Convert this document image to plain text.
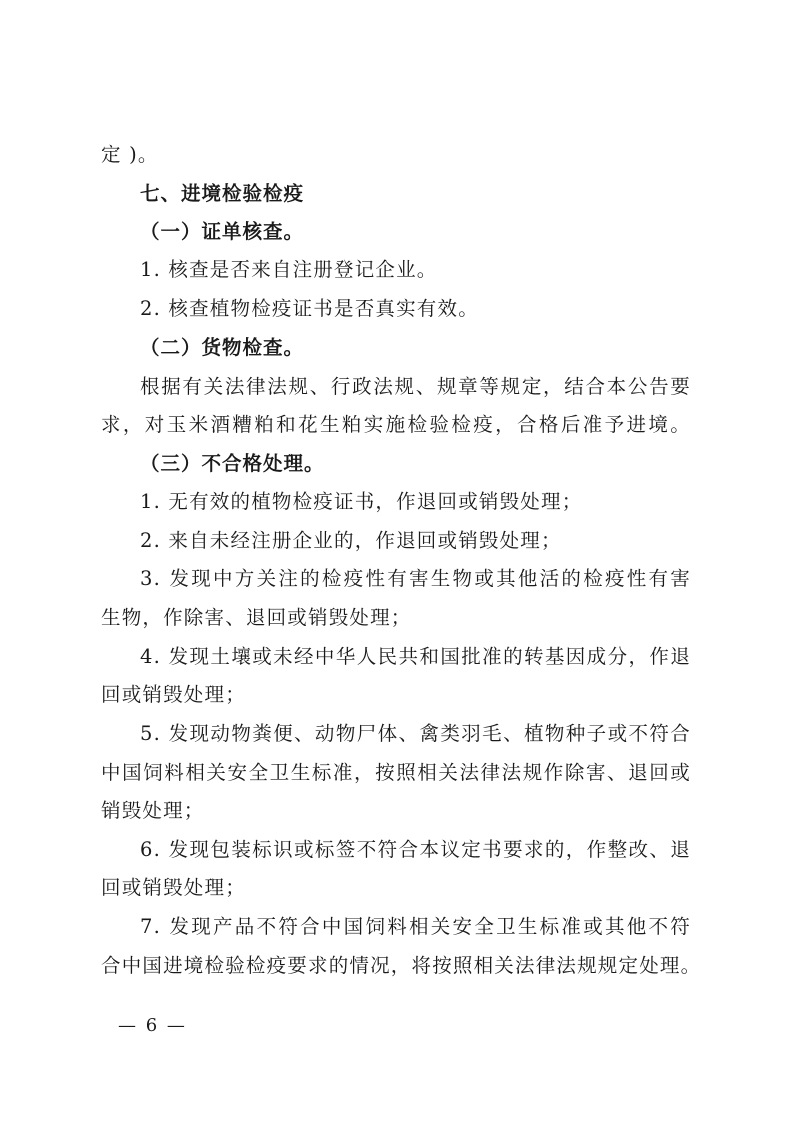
定 )。
七、进境检验检疫
（一）证单核查。
1. 核查是否来自注册登记企业。
2. 核查植物检疫证书是否真实有效。
（二）货物检查。
根据有关法律法规、行政法规、规章等规定，结合本公告要
求，对玉米酒糟粕和花生粕实施检验检疫，合格后准予进境。
（三）不合格处理。
1. 无有效的植物检疫证书，作退回或销毁处理；
2. 来自未经注册企业的，作退回或销毁处理；
3. 发现中方关注的检疫性有害生物或其他活的检疫性有害
生物，作除害、退回或销毁处理；
4. 发现土壤或未经中华人民共和国批准的转基因成分，作退
回或销毁处理；
5. 发现动物粪便、动物尸体、禽类羽毛、植物种子或不符合
中国饲料相关安全卫生标准，按照相关法律法规作除害、退回或
销毁处理；
6. 发现包装标识或标签不符合本议定书要求的，作整改、退
回或销毁处理；
7. 发现产品不符合中国饲料相关安全卫生标准或其他不符
合中国进境检验检疫要求的情况，将按照相关法律法规规定处理。
— 6 —
